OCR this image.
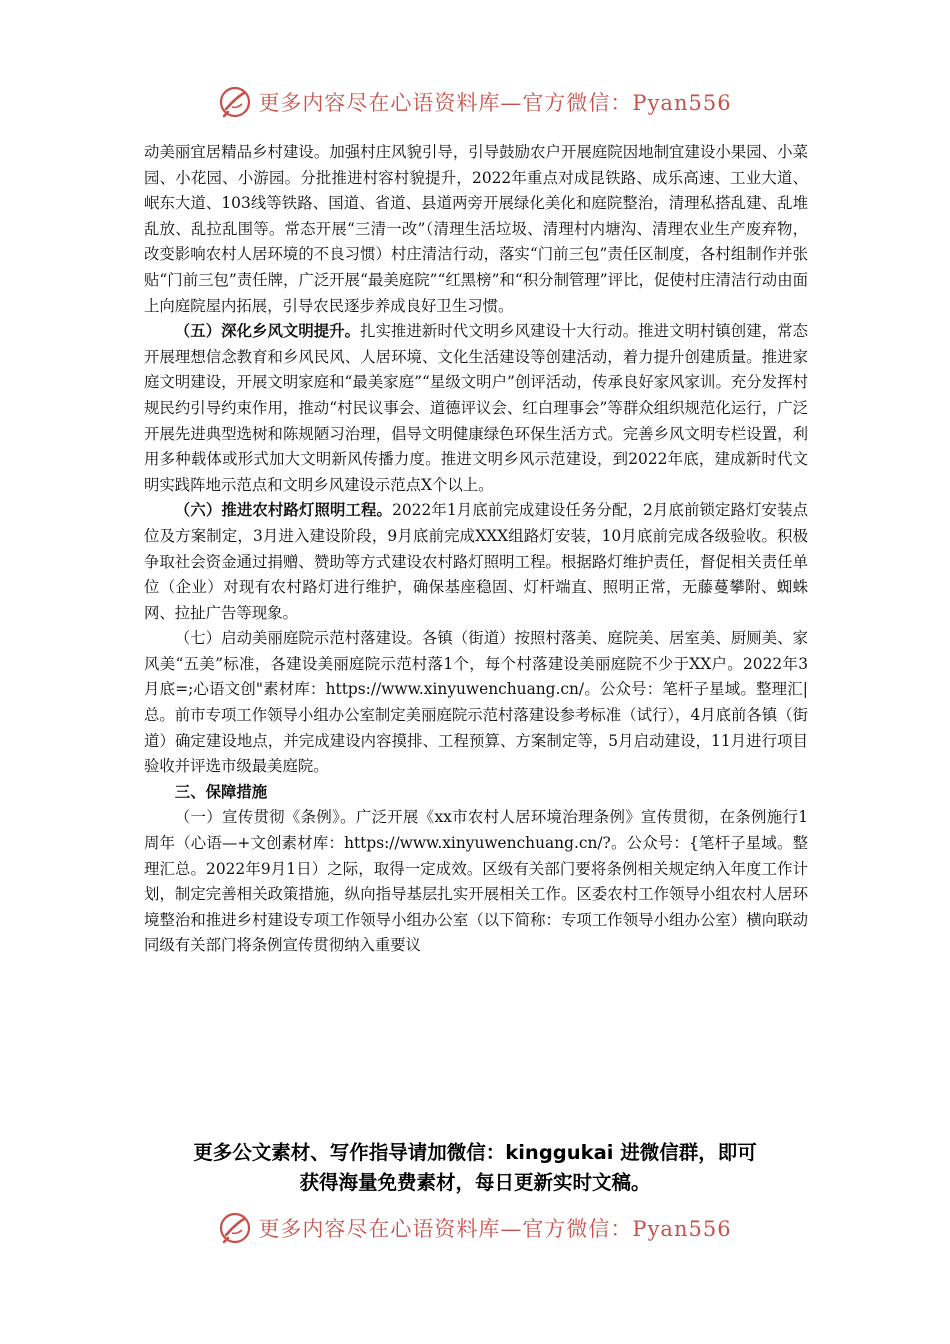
更多内容尽在心语资料库—官方微信：Pyan556

动美丽宜居精品乡村建设。加强村庄风貌引导，引导鼓励农户开展庭院因地制宜建设小果园、小菜园、小花园、小游园。分批推进村容村貌提升，2022年重点对成昆铁路、成乐高速、工业大道、岷东大道、103线等铁路、国道、省道、县道两旁开展绿化美化和庭院整治，清理私搭乱建、乱堆乱放、乱拉乱围等。常态开展“三清一改”（清理生活垃圾、清理村内塘沟、清理农业生产废弃物，改变影响农村人居环境的不良习惯）村庄清洁行动，落实“门前三包”责任区制度，各村组制作并张贴“门前三包”责任牌，广泛开展“最美庭院”“红黑榜”和“积分制管理”评比，促使村庄清洁行动由面上向庭院屋内拓展，引导农民逐步养成良好卫生习惯。

（五）深化乡风文明提升。扎实推进新时代文明乡风建设十大行动。推进文明村镇创建，常态开展理想信念教育和乡风民风、人居环境、文化生活建设等创建活动，着力提升创建质量。推进家庭文明建设，开展文明家庭和“最美家庭”“星级文明户”创评活动，传承良好家风家训。充分发挥村规民约引导约束作用，推动“村民议事会、道德评议会、红白理事会”等群众组织规范化运行，广泛开展先进典型选树和陈规陋习治理，倡导文明健康绿色环保生活方式。完善乡风文明专栏设置，利用多种载体或形式加大文明新风传播力度。推进文明乡风示范建设，到2022年底，建成新时代文明实践阵地示范点和文明乡风建设示范点X个以上。

（六）推进农村路灯照明工程。2022年1月底前完成建设任务分配，2月底前锁定路灯安装点位及方案制定，3月进入建设阶段，9月底前完成XXX组路灯安装，10月底前完成各级验收。积极争取社会资金通过捐赠、赞助等方式建设农村路灯照明工程。根据路灯维护责任，督促相关责任单位（企业）对现有农村路灯进行维护，确保基座稳固、灯杆端直、照明正常，无藤蔓攀附、蜘蛛网、拉扯广告等现象。

（七）启动美丽庭院示范村落建设。各镇（街道）按照村落美、庭院美、居室美、厨厕美、家风美“五美”标准，各建设美丽庭院示范村落1个，每个村落建设美丽庭院不少于XX户。2022年3月底=;心语文创"素材库：https://www.xinyuwenchuang.cn/。公众号：笔杆子星域。整理汇|总。前市专项工作领导小组办公室制定美丽庭院示范村落建设参考标准（试行），4月底前各镇（街道）确定建设地点，并完成建设内容摸排、工程预算、方案制定等，5月启动建设，11月进行项目验收并评选市级最美庭院。

三、保障措施

（一）宣传贯彻《条例》。广泛开展《xx市农村人居环境治理条例》宣传贯彻，在条例施行1周年（心语—+文创素材库：https://www.xinyuwenchuang.cn/?。公众号：{笔杆子星域。整理汇总。2022年9月1日）之际，取得一定成效。区级有关部门要将条例相关规定纳入年度工作计划，制定完善相关政策措施，纵向指导基层扎实开展相关工作。区委农村工作领导小组农村人居环境整治和推进乡村建设专项工作领导小组办公室（以下简称：专项工作领导小组办公室）横向联动同级有关部门将条例宣传贯彻纳入重要议

更多公文素材、写作指导请加微信：kinggukai 进微信群，即可
获得海量免费素材，每日更新实时文稿。
更多内容尽在心语资料库—官方微信：Pyan556
